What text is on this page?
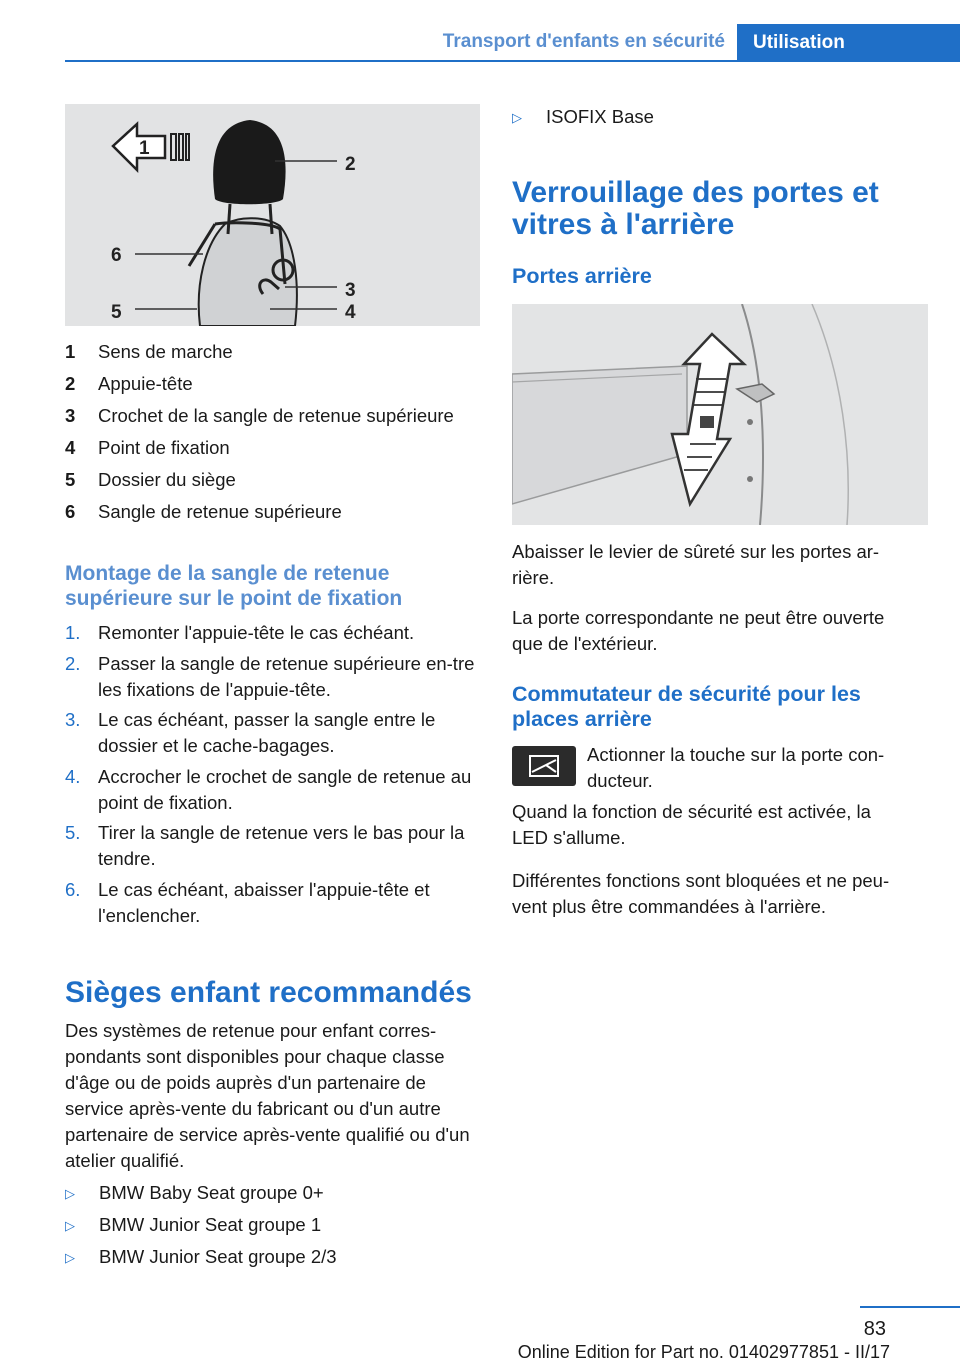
Transport d'enfants en sécurité	Utilisation
1
2
6
3
5	4
1 Sens de marche
2 Appuie-tête
3 Crochet de la sangle de retenue supérieure
4 Point de fixation
5 Dossier du siège
6 Sangle de retenue supérieure
Montage de la sangle de retenue
supérieure sur le point de fixation
1. Remonter l'appuie-tête le cas échéant.
2. Passer la sangle de retenue supérieure en-tre les fixations de l'appuie-tête.
3. Le cas échéant, passer la sangle entre le dossier et le cache-bagages.
4. Accrocher le crochet de sangle de retenue au point de fixation.
5. Tirer la sangle de retenue vers le bas pour la tendre.
6. Le cas échéant, abaisser l'appuie-tête et l'enclencher.
Sièges enfant recommandés
Des systèmes de retenue pour enfant corres-pondants sont disponibles pour chaque classe d'âge ou de poids auprès d'un partenaire de service après-vente du fabricant ou d'un autre partenaire de service après-vente qualifié ou d'un atelier qualifié.
▷ BMW Baby Seat groupe 0+
▷ BMW Junior Seat groupe 1
▷ BMW Junior Seat groupe 2/3
▷ ISOFIX Base
Verrouillage des portes et
vitres à l'arrière
Portes arrière
Abaisser le levier de sûreté sur les portes ar-
rière.
La porte correspondante ne peut être ouverte
que de l'extérieur.
Commutateur de sécurité pour les
places arrière
Actionner la touche sur la porte con-
ducteur.
Quand la fonction de sécurité est activée, la
LED s'allume.
Différentes fonctions sont bloquées et ne peu-
vent plus être commandées à l'arrière.
83
Online Edition for Part no. 01402977851 - II/17
